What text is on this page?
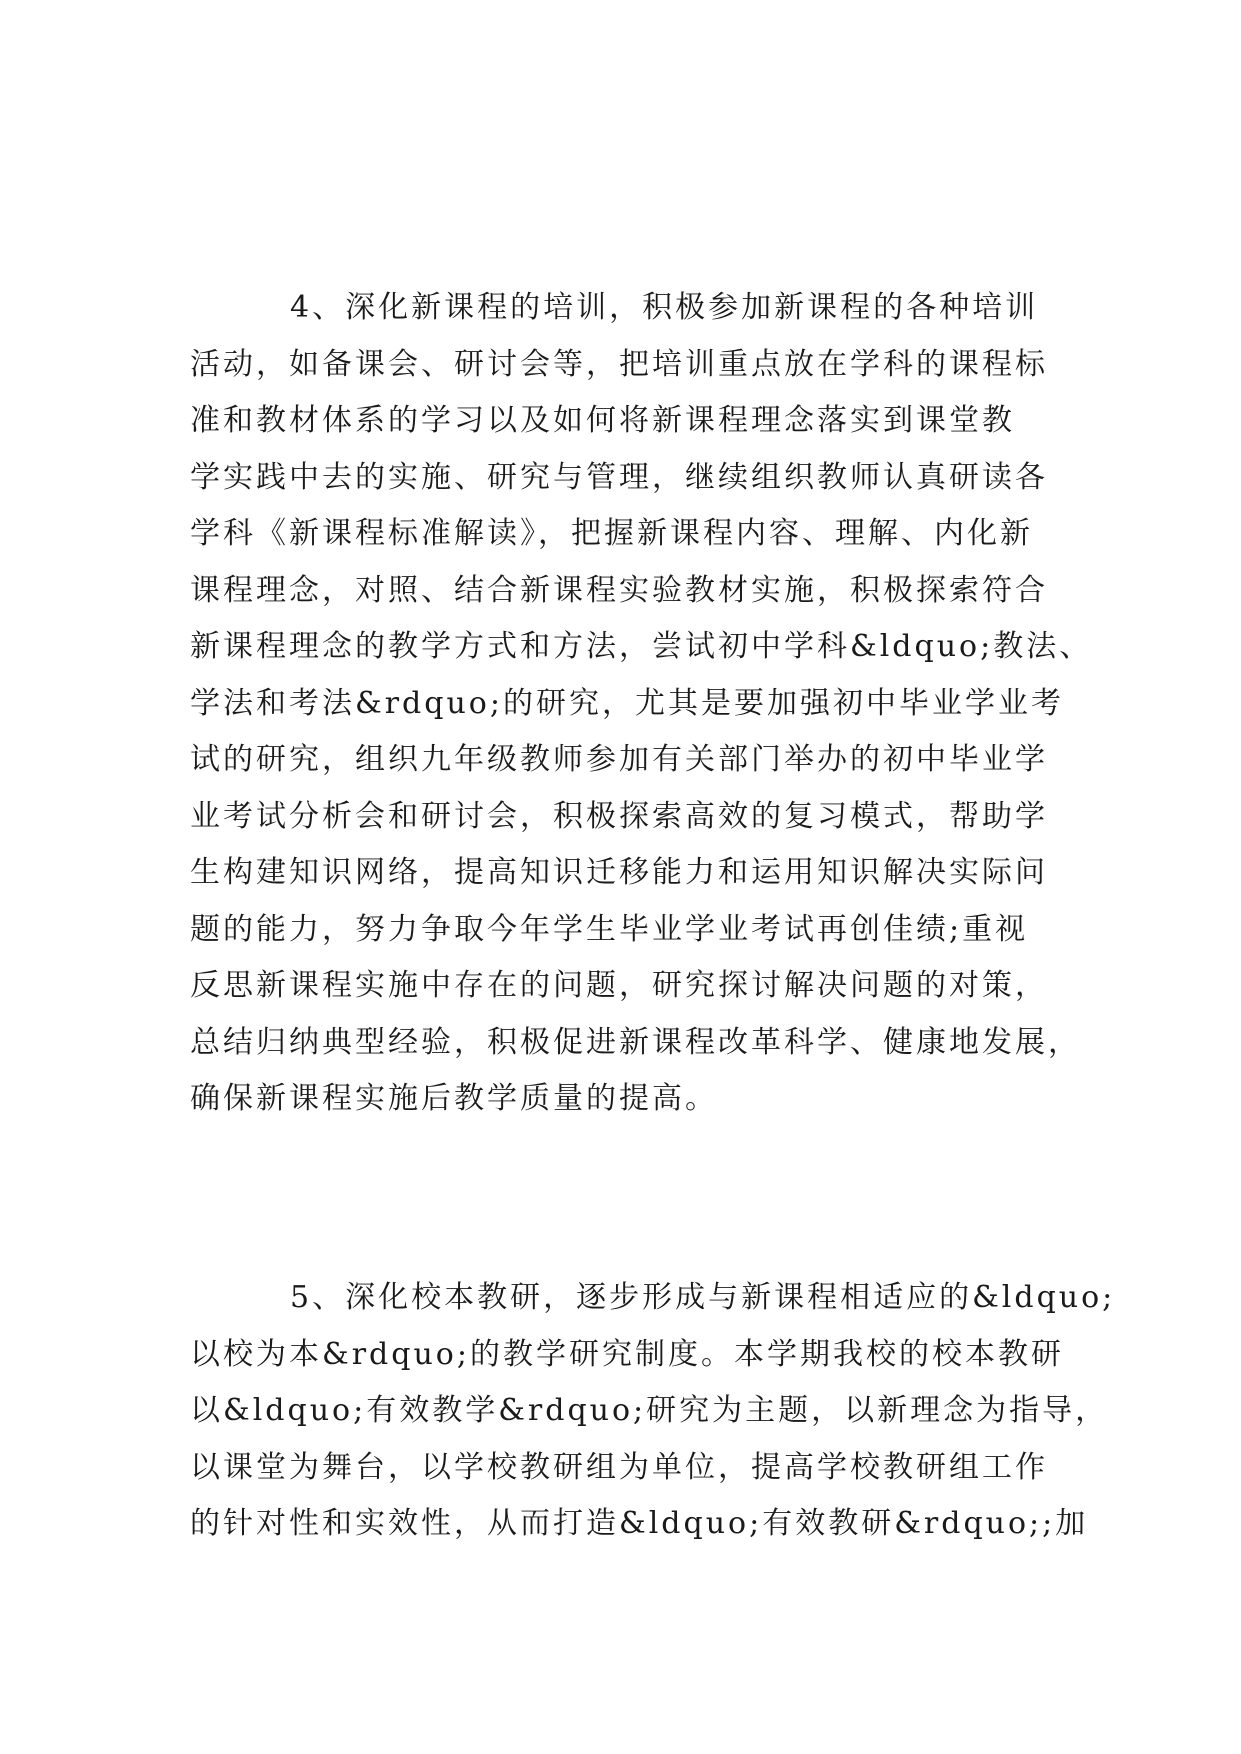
4、深化新课程的培训，积极参加新课程的各种培训
活动，如备课会、研讨会等，把培训重点放在学科的课程标
准和教材体系的学习以及如何将新课程理念落实到课堂教
学实践中去的实施、研究与管理，继续组织教师认真研读各
学科《新课程标准解读》，把握新课程内容、理解、内化新
课程理念，对照、结合新课程实验教材实施，积极探索符合
新课程理念的教学方式和方法，尝试初中学科&ldquo;教法、
学法和考法&rdquo;的研究，尤其是要加强初中毕业学业考
试的研究，组织九年级教师参加有关部门举办的初中毕业学
业考试分析会和研讨会，积极探索高效的复习模式，帮助学
生构建知识网络，提高知识迁移能力和运用知识解决实际问
题的能力，努力争取今年学生毕业学业考试再创佳绩;重视
反思新课程实施中存在的问题，研究探讨解决问题的对策，
总结归纳典型经验，积极促进新课程改革科学、健康地发展，
确保新课程实施后教学质量的提高。
5、深化校本教研，逐步形成与新课程相适应的&ldquo;
以校为本&rdquo;的教学研究制度。本学期我校的校本教研
以&ldquo;有效教学&rdquo;研究为主题，以新理念为指导，
以课堂为舞台，以学校教研组为单位，提高学校教研组工作
的针对性和实效性，从而打造&ldquo;有效教研&rdquo;;加
